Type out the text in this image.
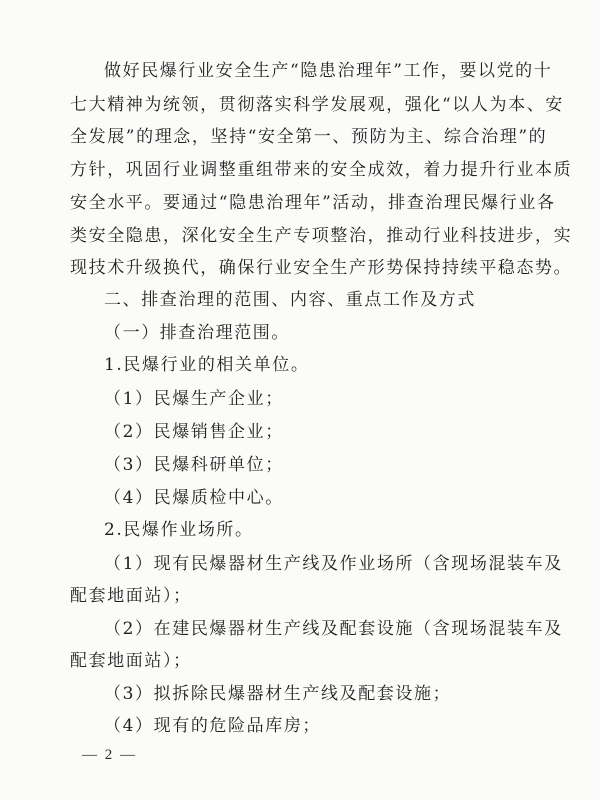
做好民爆行业安全生产“隐患治理年”工作，要以党的十
七大精神为统领，贯彻落实科学发展观，强化“以人为本、安
全发展”的理念，坚持“安全第一、预防为主、综合治理”的
方针，巩固行业调整重组带来的安全成效，着力提升行业本质
安全水平。要通过“隐患治理年”活动，排查治理民爆行业各
类安全隐患，深化安全生产专项整治，推动行业科技进步，实
现技术升级换代，确保行业安全生产形势保持持续平稳态势。
二、排查治理的范围、内容、重点工作及方式
（一）排查治理范围。
1.民爆行业的相关单位。
（1）民爆生产企业；
（2）民爆销售企业；
（3）民爆科研单位；
（4）民爆质检中心。
2.民爆作业场所。
（1）现有民爆器材生产线及作业场所（含现场混装车及
配套地面站）；
（2）在建民爆器材生产线及配套设施（含现场混装车及
配套地面站）；
（3）拟拆除民爆器材生产线及配套设施；
（4）现有的危险品库房；
— 2 —
